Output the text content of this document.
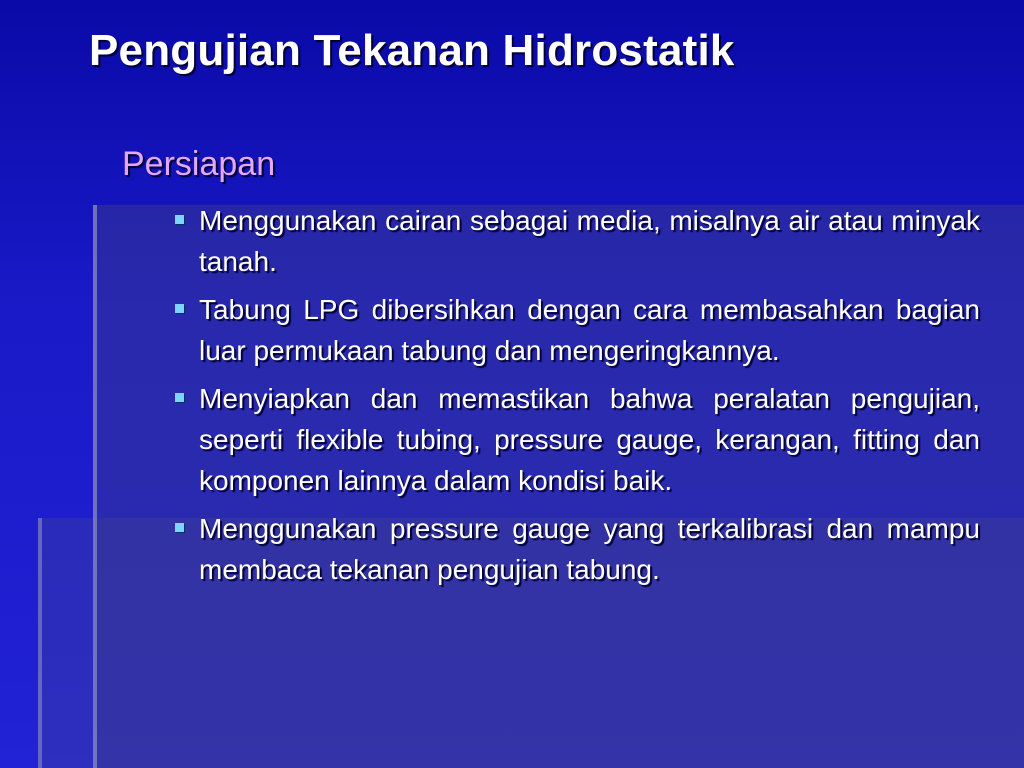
Pengujian Tekanan Hidrostatik
Persiapan
Menggunakan cairan sebagai media, misalnya air atau minyak tanah.
Tabung LPG dibersihkan dengan cara membasahkan bagian luar permukaan tabung dan mengeringkannya.
Menyiapkan dan memastikan bahwa peralatan pengujian, seperti flexible tubing, pressure gauge, kerangan, fitting dan komponen lainnya dalam kondisi baik.
Menggunakan pressure gauge yang terkalibrasi dan mampu membaca tekanan pengujian tabung.
